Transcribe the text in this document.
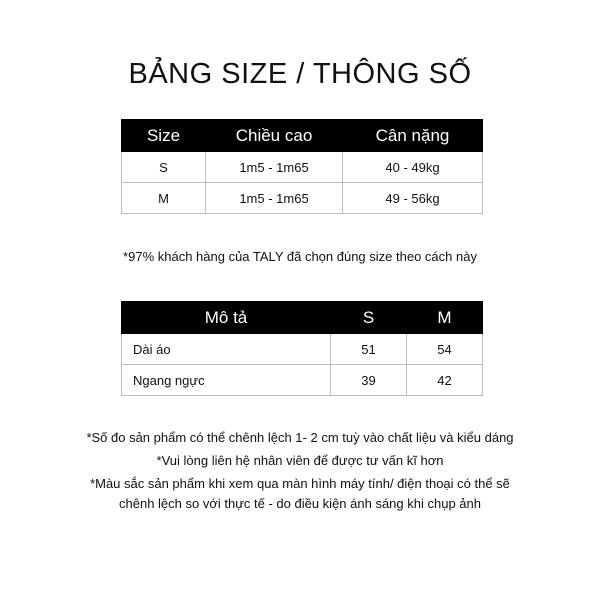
BẢNG SIZE / THÔNG SỐ
Size	Chiều cao	Cân nặng
S	1m5 - 1m65	40 - 49kg
M	1m5 - 1m65	49 - 56kg
*97% khách hàng của TALY đã chọn đúng size theo cách này
Mô tả	S	M
Dài áo	51	54
Ngang ngực	39	42
*Số đo sản phẩm có thể chênh lệch 1- 2 cm tuỳ vào chất liệu và kiểu dáng
*Vui lòng liên hệ nhân viên để được tư vấn kĩ hơn
*Màu sắc sản phẩm khi xem qua màn hình máy tính/ điện thoại có thể sẽ
chênh lệch so với thực tế - do điều kiện ánh sáng khi chụp ảnh
